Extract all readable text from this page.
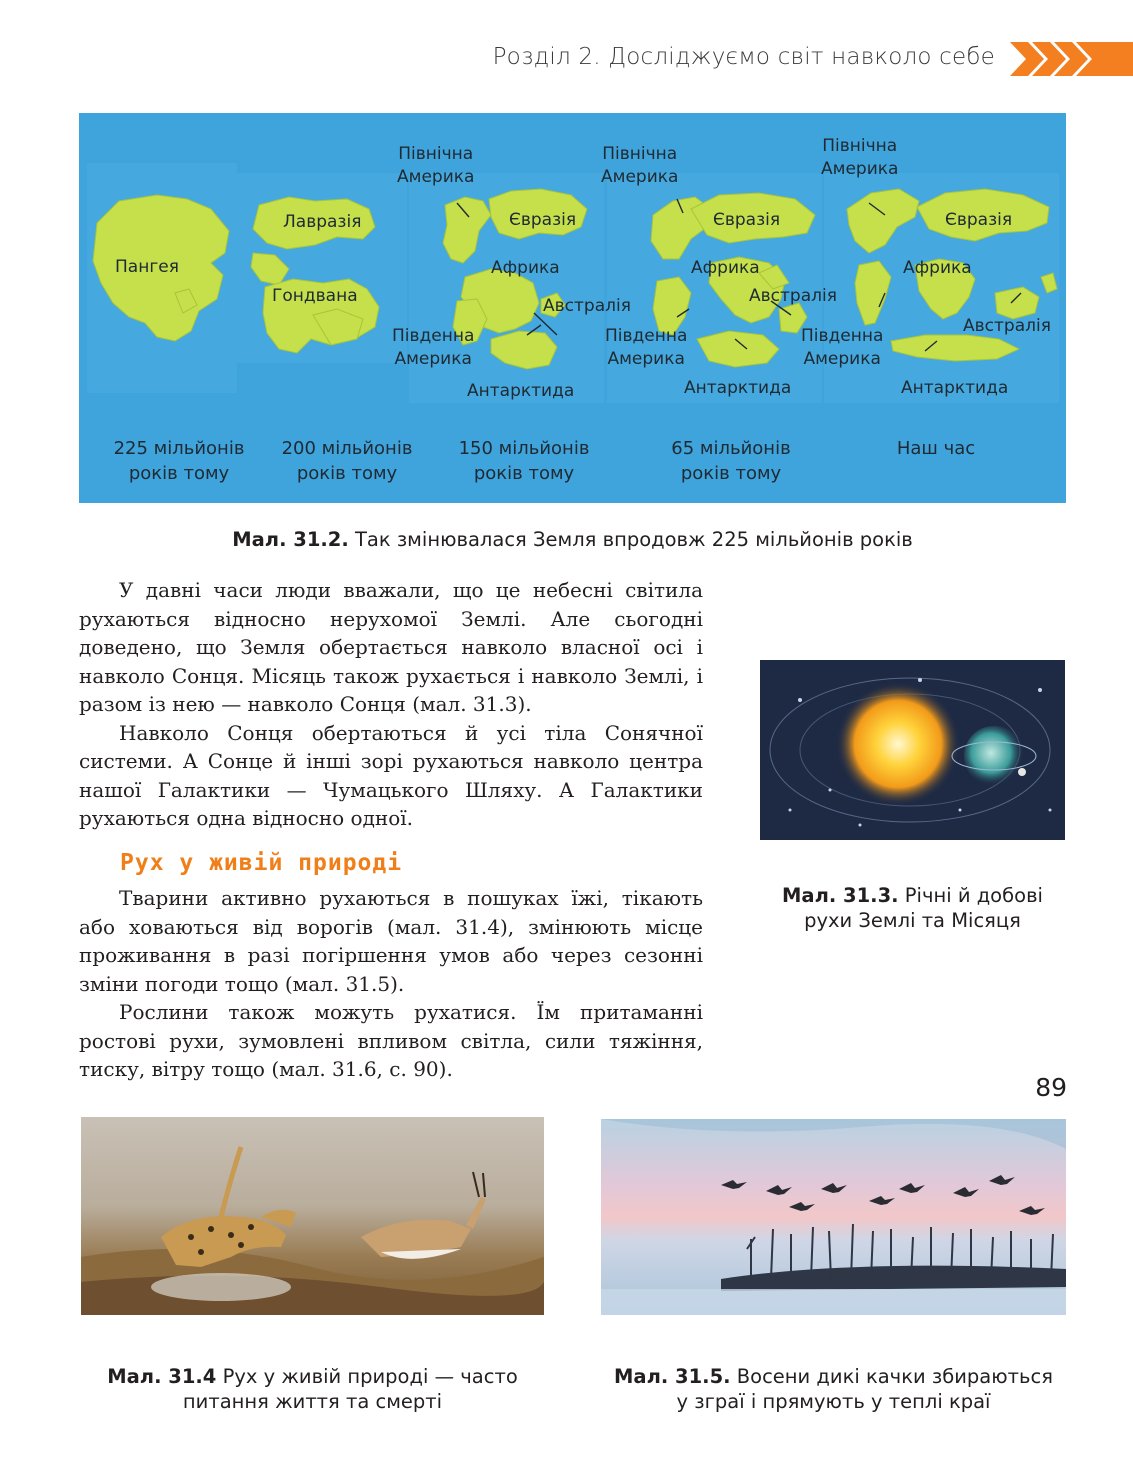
Розділ 2. Досліджуємо світ навколо себе
Пангея
Лавразія
Гондвана
Північна
Америка
Євразія
Африка
Австралія
Південна
Америка
Антарктида
Північна
Америка
Євразія
Африка
Австралія
Південна
Америка
Антарктида
Північна
Америка
Євразія
Африка
Австралія
Південна
Америка
Антарктида
225 мільйонів
років тому
200 мільйонів
років тому
150 мільйонів
років тому
65 мільйонів
років тому
Наш час
Мал. 31.2. Так змінювалася Земля впродовж 225 мільйонів років

У давні часи люди вважали, що це небесні світила рухаються відносно нерухомої Землі. Але сьогодні доведено, що Земля обертається навколо власної осі і навколо Сонця. Місяць також рухається і навколо Землі, і разом із нею — навколо Сонця (мал. 31.3).

Навколо Сонця обертаються й усі тіла Сонячної системи. А Сонце й інші зорі рухаються навколо центра нашої Галактики — Чумацького Шляху. А Галактики рухаються одна відносно одної.

Рух у живій природі

Тварини активно рухаються в пошуках їжі, тікають або ховаються від ворогів (мал. 31.4), змінюють місце проживання в разі погіршення умов або через сезонні зміни погоди тощо (мал. 31.5).

Рослини також можуть рухатися. Їм притаманні ростові рухи, зумовлені впливом світла, сили тяжіння, тиску, вітру тощо (мал. 31.6, с. 90).

Мал. 31.3. Річні й добові
рухи Землі та Місяця

Мал. 31.4 Рух у живій природі — часто
питання життя та смерті

Мал. 31.5. Восени дикі качки збираються
у зграї і прямують у теплі краї

89
